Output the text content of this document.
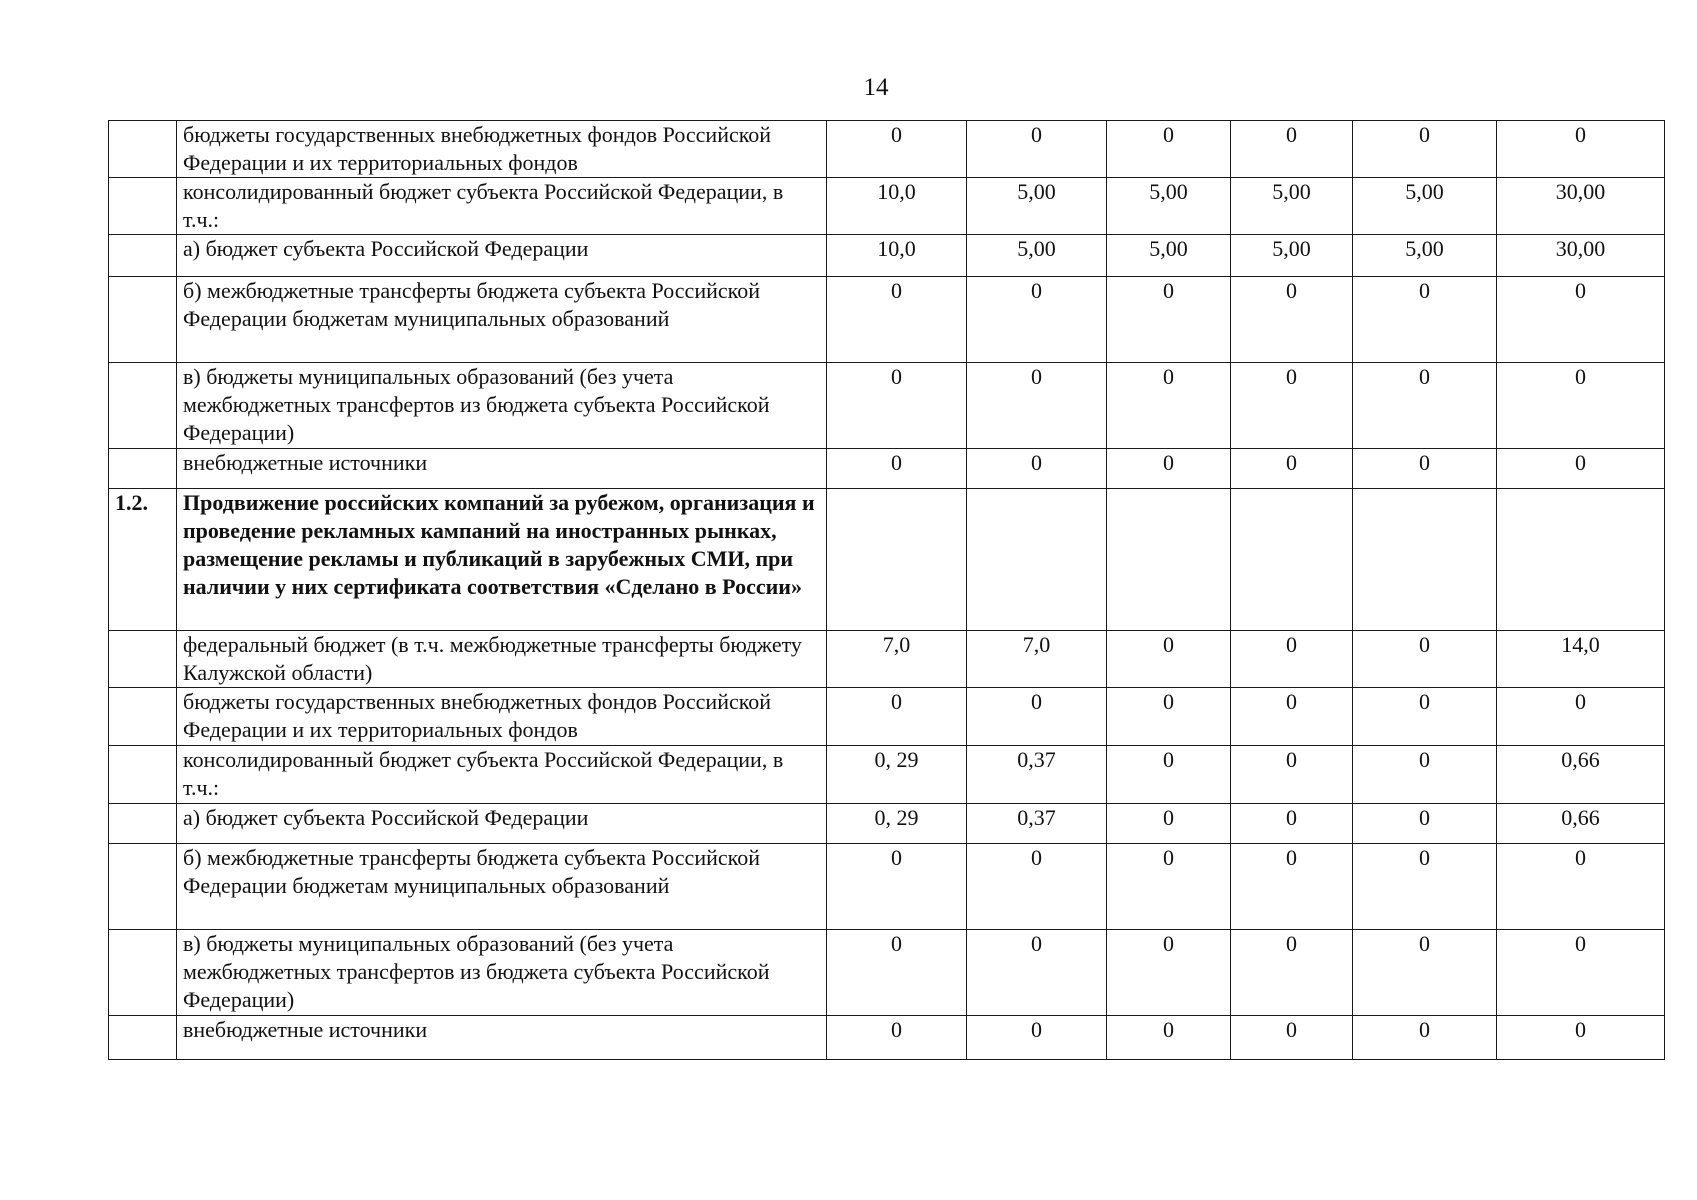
14
	бюджеты государственных внебюджетных фондов Российской Федерации и их территориальных фондов	0	0	0	0	0	0
	консолидированный бюджет субъекта Российской Федерации, в т.ч.:	10,0	5,00	5,00	5,00	5,00	30,00
	а) бюджет субъекта Российской Федерации	10,0	5,00	5,00	5,00	5,00	30,00
	б) межбюджетные трансферты бюджета субъекта Российской Федерации бюджетам муниципальных образований	0	0	0	0	0	0
	в) бюджеты муниципальных образований (без учета межбюджетных трансфертов из бюджета субъекта Российской Федерации)	0	0	0	0	0	0
	внебюджетные источники	0	0	0	0	0	0
1.2.	Продвижение российских компаний за рубежом, организация и проведение рекламных кампаний на иностранных рынках, размещение рекламы и публикаций в зарубежных СМИ, при наличии у них сертификата соответствия «Сделано в России»						
	федеральный бюджет (в т.ч. межбюджетные трансферты бюджету Калужской области)	7,0	7,0	0	0	0	14,0
	бюджеты государственных внебюджетных фондов Российской Федерации и их территориальных фондов	0	0	0	0	0	0
	консолидированный бюджет субъекта Российской Федерации, в т.ч.:	0, 29	0,37	0	0	0	0,66
	а) бюджет субъекта Российской Федерации	0, 29	0,37	0	0	0	0,66
	б) межбюджетные трансферты бюджета субъекта Российской Федерации бюджетам муниципальных образований	0	0	0	0	0	0
	в) бюджеты муниципальных образований (без учета межбюджетных трансфертов из бюджета субъекта Российской Федерации)	0	0	0	0	0	0
	внебюджетные источники	0	0	0	0	0	0
